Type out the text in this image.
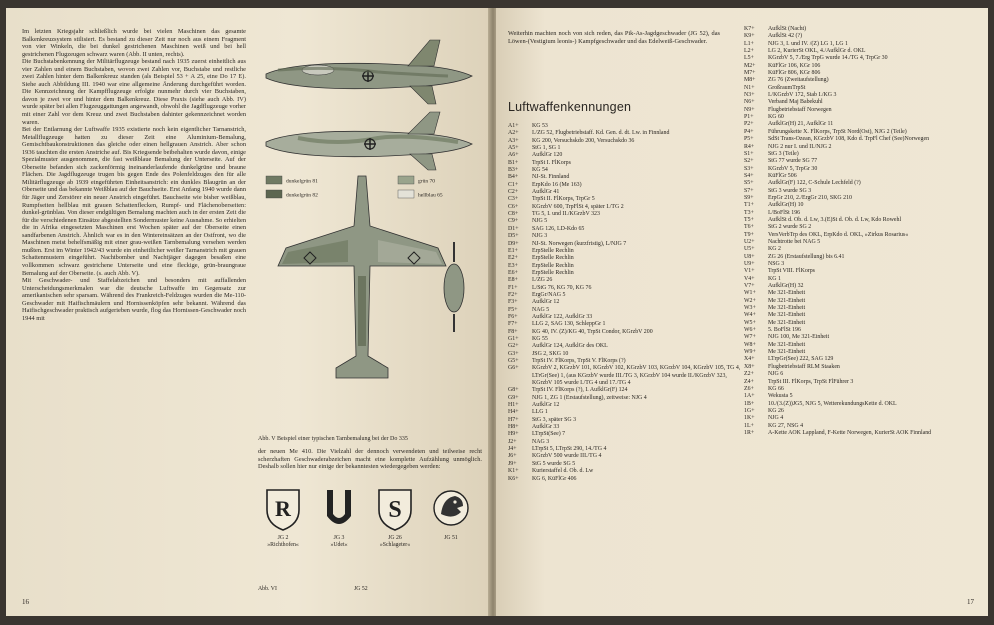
Im letzten Kriegsjahr schließlich wurde bei vielen Maschinen das gesamte Balkenkreuzsystem stilisiert. Es bestand zu dieser Zeit nur noch aus einem Fragment von vier Winkeln, die bei dunkel gestrichenen Maschinen weiß und bei hell gestrichenen Flugzeugen schwarz waren (Abb. II unten, rechts).

Die Buchstabenkennung der Militärflugzeuge bestand nach 1935 zuerst einheitlich aus vier Zahlen und einem Buchstaben, wovon zwei Zahlen vor, Buchstabe und restliche zwei Zahlen hinter dem Balkenkreuz standen (als Beispiel 53 + A 25, eine Do 17 E). Siehe auch Abbildung III. 1940 war eine allgemeine Änderung durchgeführt worden. Die Kennzeichnung der Kampfflugzeuge erfolgte nunmehr durch vier Buchstaben, davon je zwei vor und hinter dem Balkenkreuz. Diese Praxis (siehe auch Abb. IV) wurde später bei allen Flugzeuggattungen angewandt, obwohl die Jagdflugzeuge vorher mit einer Zahl vor dem Kreuz und zwei Buchstaben dahinter gekennzeichnet worden waren.

Bei der Entlarnung der Luftwaffe 1935 existierte noch kein eigentlicher Tarnanstrich, Metallflugzeuge hatten zu dieser Zeit eine Aluminium-Bemalung, Gemischtbaukonstruktionen das gleiche oder einen hellgrauen Anstrich. Aber schon 1936 tauchten die ersten Anstriche auf. Bis Kriegsende beibehalten wurde davon, einige Spezialmuster ausgenommen, die fast weißblaue Bemalung der Unterseite. Auf der Oberseite befanden sich zackenförmig ineinanderlaufende dunkelgrüne und braune Flächen. Die Jagdflugzeuge trugen bis gegen Ende des Polenfeldzuges den für alle Militärflugzeuge ab 1939 eingeführten Einheitsanstrich: ein dunkles Blaugrün an der Oberseite und das bekannte Weißblau auf der Bauchseite. Erst Anfang 1940 wurde dann für Jäger und Zerstörer ein neuer Anstrich eingeführt. Bauchseite wie bisher weißblau, Rumpfseiten hellblau mit grauen Schattenflecken, Rumpf- und Flächenoberseiten: dunkel-grünblau. Von dieser endgültigen Bemalung machten auch in der ersten Zeit die für die verschiedenen Einsätze abgestellten Sondermuster keine Ausnahme. So erhielten die in Afrika eingesetzten Maschinen erst Wochen später auf der Oberseite einen sandfarbenen Anstrich. Ähnlich war es in den Wintereinsätzen an der Ostfront, wo die Maschinen meist behelfsmäßig mit einer grau-weißen Tarnbemalung versehen werden mußten. Erst im Winter 1942/43 wurde ein einheitlicher weißer Tarnanstrich mit grauen Schattenmustern eingeführt. Nachtbomber und Nachtjäger dagegen besaßen eine vollkommen schwarz gestrichene Unterseite und eine fleckige, grün-braungraue Bemalung auf der Oberseite. (s. auch Abb. V).

Mit Geschwader- und Staffelabzeichen und besonders mit auffallenden Unterscheidungsmerkmalen war die deutsche Luftwaffe im Gegensatz zur amerikanischen sehr sparsam. Während des Frankreich-Feldzuges wurden die Me-110-Geschwader mit Haifischmäulern und Hornissenköpfen sehr bekannt. Während das Haifischgeschwader praktisch aufgerieben wurde, flog das Hornissen-Geschwader noch 1944 mit

dunkelgrün 81	grün 70
dunkelgrün 82	hellblau 65
Abb. V Beispiel einer typischen Tarnbemalung bei der Do 335
der neuen Me 410. Die Vielzahl der dennoch verwendeten und teilweise recht scherzhaften Geschwaderabzeichen macht eine komplette Aufzählung unmöglich. Deshalb sollen hier nur einige der bekanntesten wiedergegeben werden:
R
JG 2
»Richthofen«
U
JG 3
»Udet«
S
JG 26
»Schlageter«
JG 51
Abb. VI	JG 52
16
Weiterhin machten noch von sich reden, das Pik-As-Jagdgeschwader (JG 52), das Löwen-(Vestigium leonis-) Kampfgeschwader und das Edelweiß-Geschwader.
Luftwaffenkennungen
A1+	KG 53
A2+	I./ZG 52, Flugbetriebstaff. Kd. Gen. d. dt. Lw. in Finnland
A3+	KG 200, Versuchskdo 200, Versuchskdo 36
A5+	StG 1, SG 1
A6+	AufklGr 120
B1+	TrpSt I. FlKorps
B3+	KG 54
B4+	NJ-St. Finnland
C1+	ErpKdo 16 (Me 163)
C2+	AufklGr 41
C3+	TrpSt II. FlKorps, TrpGr 5
C6+	KGrzbV 600, TrpFlSt 4, später I./TG 2
C8+	TG 5, I. und II./KGrzbV 323
C9+	NJG 5
D1+	SAG 126, LD-Kdo 65
D5+	NJG 3
D9+	NJ-St. Norwegen (kurzfristig), L/NJG 7
E1+	ErpStelle Rechlin
E2+	ErpStelle Rechlin
E3+	ErpStelle Rechlin
E6+	ErpStelle Rechlin
E8+	I./ZG 26
F1+	L/StG 76, KG 70, KG 76
F2+	ErgGr/NAG 5
F3+	AufklGr 12
F5+	NAG 5
F6+	AufklGr 122, AufklGr 33
F7+	LLG 2, SAG 130, SchleppGr 1
F8+	KG 40, IV. (Z)/KG 40, TrpSt Condor, KGrzbV 200
G1+	KG 55
G2+	AufklGr 124, AufklGr des OKL
G3+	JSG 2, SKG 10
G5+	TrpSt IV. FlKorps, TrpSt V. FlKorps (?)
G6+	KGrzbV 2, KGrzbV 101, KGrzbV 102, KGrzbV 103, KGrzbV 104, KGrzbV 105, TG 4, LTrGr(See) 1, (aus KGrzbV wurde III./TG 3, KGrzbV 104 wurde II./KGrzbV 323, KGrzbV 105 wurde I./TG 4 und 17./TG 4
G8+	TrpSt IV. FlKorps (?), I. AufklGr(F) 124
G9+	NJG 1, ZG 1 (Erstaufstellung), zeitweise: NJG 4
H1+	AufklGr 12
H4+	LLG 1
H7+	StG 3, später SG 3
H8+	AufklGr 33
H9+	LTrpSt(See) 7
J2+	NAG 3
J4+	LTrpSt 5, LTrpSt 290, 14./TG 4
J6+	KGrzbV 500 wurde III./TG 4
J9+	StG 5 wurde SG 5
K1+	Kurierstaffel d. Ob. d. Lw
K6+	KG 6, KüFlGr 406
K7+	AufklSt (Nacht)
K9+	AufklSt 42 (?)
L1+	NJG 3, I. und IV. /(Z) LG 1, LG 1
L2+	LG 2, KurierSt OKL, 4./AufklGr d. OKL
L5+	KGrzbV 5, 7./Erg TrpG wurde 14./TG 4, TrpGr 30
M2+	KüFlGr 106, KGr 106
M7+	KüFlGr 806, KGr 806
M8+	ZG 76 (Zweitaufstellung)
N1+	GroßraumTrpSt
N3+	I./KGrzbV 172, Stab I./KG 3
N6+	Verband Maj Babekuhl
N9+	Flugbetriebstaff Norwegen
P1+	KG 60
P2+	AufklGr(H) 21, AufklGr 11
P4+	Führungskette X. FlKorps, TrpSt Nord(Ost), NJG 2 (Teile)
P5+	SdSt Trans-Ozean, KGrzbV 108, Kdo d. TrpFl Chef (See)Norwegen
R4+	NJG 2 nur I. und II./NJG 2
S1+	StG 3 (Teile)
S2+	StG 77 wurde SG 77
S3+	KGrzbV 5, TrpGr 30
S4+	KüFlGr 506
S5+	AufklGr(F) 122, C-Schule Lechfeld (?)
S7+	StG 3 wurde SG 3
S9+	ErpGr 210, 2./ErgGr 210, SKG 210
T1+	AufklGr(H) 10
T3+	I./BoFlSt 196
T5+	AufklSt d. Ob. d. Lw, 3.(E)St d. Ob. d. Lw, Kdo Rowehl
T6+	StG 2 wurde SG 2
T9+	VersVerbTrp des OKL, ErpKdo d. OKL, »Zirkus Rosarius«
U2+	Nachtrotte bei NAG 5
U5+	KG 2
U8+	ZG 26 (Erstaufstellung) bis 6.41
U9+	NSG 3
V1+	TrpSt VIII. FlKorps
V4+	KG 1
V7+	AufklGr(H) 32
W1+	Me 321-Einheit
W2+	Me 321-Einheit
W3+	Me 321-Einheit
W4+	Me 321-Einheit
W5+	Me 321-Einheit
W6+	5. BoFlSt 196
W7+	NJG 100, Me 321-Einheit
W8+	Me 321-Einheit
W9+	Me 321-Einheit
X4+	LTrpGr(See) 222, SAG 129
X8+	Flugbetriebstaff RLM Staaken
Z2+	NJG 6
Z4+	TrpSt III. FlKorps, TrpSt FlFührer 3
Z6+	KG 66
1A+	Wekusta 5
1B+	10./(3.(Z))JG5, NJG 5, WetterekundungsKette d. OKL
1G+	KG 26
1K+	NJG 4
1L+	KG 27, NSG 4
1R+	A-Kette AOK Lappland, F-Kette Norwegen, KurierSt AOK Finnland
17
